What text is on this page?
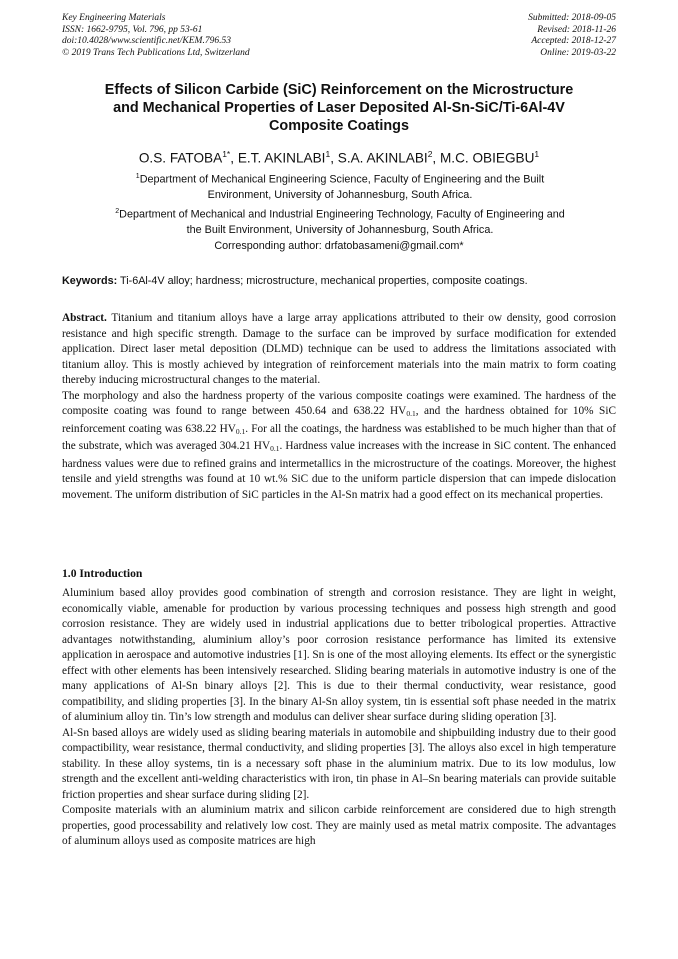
Key Engineering Materials
ISSN: 1662-9795, Vol. 796, pp 53-61
doi:10.4028/www.scientific.net/KEM.796.53
© 2019 Trans Tech Publications Ltd, Switzerland
Submitted: 2018-09-05
Revised: 2018-11-26
Accepted: 2018-12-27
Online: 2019-03-22
Effects of Silicon Carbide (SiC) Reinforcement on the Microstructure
and Mechanical Properties of Laser Deposited Al-Sn-SiC/Ti-6Al-4V
Composite Coatings
O.S. $FATOBA^{1*}$, E.T. AKINLABI$^1$, S.A. AKINLABI$^2$, M.C. OBIEGBU$^1$
$^1$Department of Mechanical Engineering Science, Faculty of Engineering and the Built
Environment, University of Johannesburg, South Africa.
$^2$Department of Mechanical and Industrial Engineering Technology, Faculty of Engineering and
the Built Environment, University of Johannesburg, South Africa.
Corresponding author: drfatobasameni@gmail.com*
Keywords: Ti-6Al-4V alloy; hardness; microstructure, mechanical properties, composite coatings.

Abstract. Titanium and titanium alloys have a large array applications attributed to their ow density, good corrosion resistance and high specific strength. Damage to the surface can be improved by surface modification for extended application. Direct laser metal deposition (DLMD) technique can be used to address the limitations associated with titanium alloy. This is mostly achieved by integration of reinforcement materials into the main matrix to form coating thereby inducing microstructural changes to the material.

The morphology and also the hardness property of the various composite coatings were examined. The hardness of the composite coating was found to range between 450.64 and 638.22 $HV_{0.1}$, and the hardness obtained for 10% SiC reinforcement coating was 638.22 $HV_{0.1}$. For all the coatings, the hardness was established to be much higher than that of the substrate, which was averaged 304.21 $HV_{0.1}$. Hardness value increases with the increase in SiC content. The enhanced hardness values were due to refined grains and intermetallics in the microstructure of the coatings. Moreover, the highest tensile and yield strengths was found at 10 wt.% SiC due to the uniform particle dispersion that can impede dislocation movement. The uniform distribution of SiC particles in the Al-Sn matrix had a good effect on its mechanical properties.

1.0 Introduction

Aluminium based alloy provides good combination of strength and corrosion resistance. They are light in weight, economically viable, amenable for production by various processing techniques and possess high strength and good corrosion resistance. They are widely used in industrial applications due to better tribological properties. Attractive advantages notwithstanding, aluminium alloy’s poor corrosion resistance performance has limited its extensive application in aerospace and automotive industries [1]. Sn is one of the most alloying elements. Its effect or the synergistic effect with other elements has been intensively researched. Sliding bearing materials in automotive industry is one of the many applications of Al-Sn binary alloys [2]. This is due to their thermal conductivity, wear resistance, good compatibility, and sliding properties [3]. In the binary Al-Sn alloy system, tin is essential soft phase needed in the matrix of aluminium alloy tin. Tin’s low strength and modulus can deliver shear surface during sliding operation [3].

Al-Sn based alloys are widely used as sliding bearing materials in automobile and shipbuilding industry due to their good compactibility, wear resistance, thermal conductivity, and sliding properties [3]. The alloys also excel in high temperature stability. In these alloy systems, tin is a necessary soft phase in the aluminium matrix. Due to its low modulus, low strength and the excellent anti-welding characteristics with iron, tin phase in Al–Sn bearing materials can provide suitable friction properties and shear surface during sliding [2].

Composite materials with an aluminium matrix and silicon carbide reinforcement are considered due to high strength properties, good processability and relatively low cost. They are mainly used as metal matrix composite. The advantages of aluminum alloys used as composite matrices are high
